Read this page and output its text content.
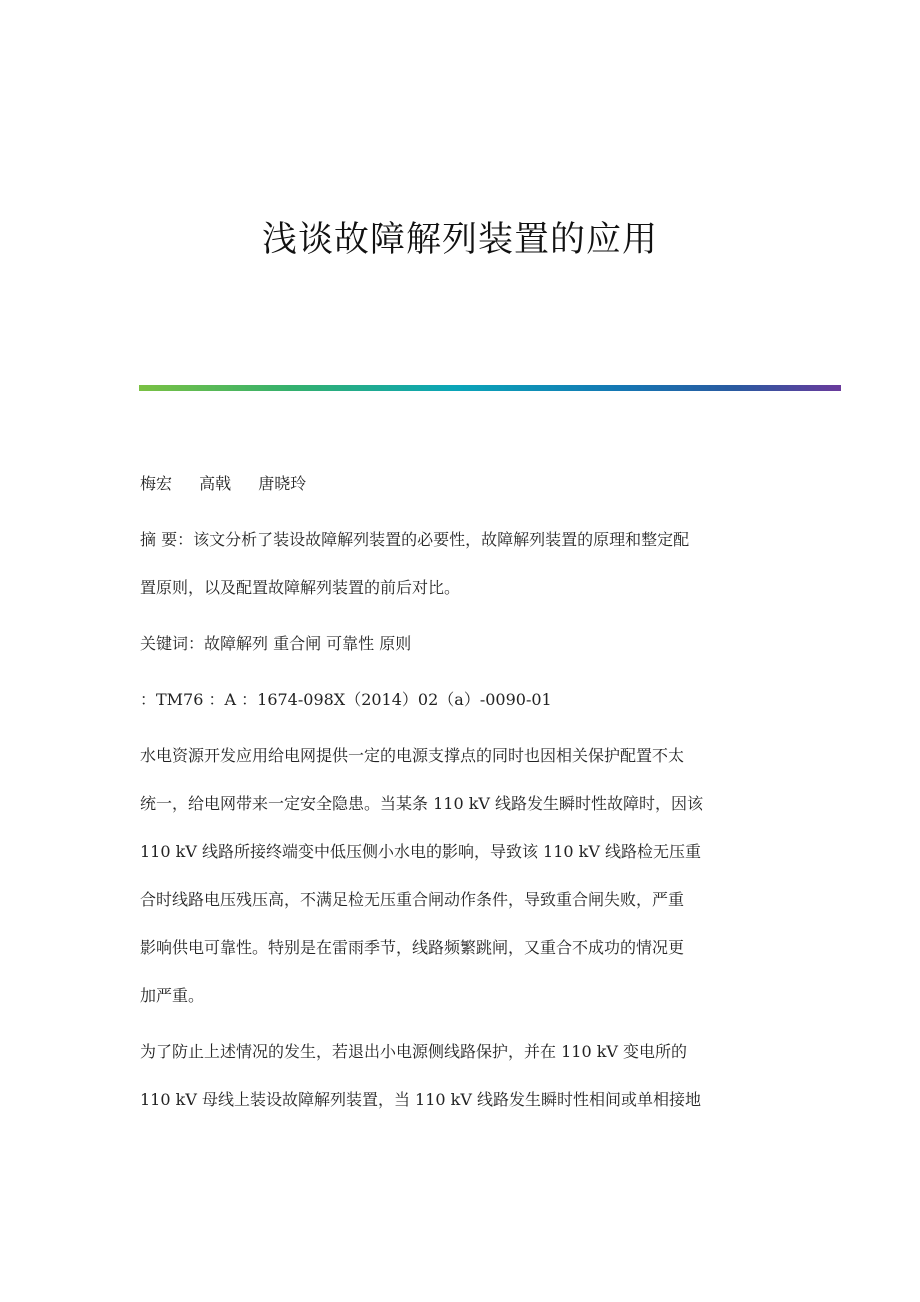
浅谈故障解列装置的应用
梅宏 高戟 唐晓玲
摘 要：该文分析了装设故障解列装置的必要性，故障解列装置的原理和整定配
置原则，以及配置故障解列装置的前后对比。
关键词：故障解列 重合闸 可靠性 原则
：TM76 ：A ：1674-098X（2014）02（a）-0090-01
水电资源开发应用给电网提供一定的电源支撑点的同时也因相关保护配置不太
统一，给电网带来一定安全隐患。当某条 110 kV 线路发生瞬时性故障时，因该
110 kV 线路所接终端变中低压侧小水电的影响，导致该 110 kV 线路检无压重
合时线路电压残压高，不满足检无压重合闸动作条件，导致重合闸失败，严重
影响供电可靠性。特别是在雷雨季节，线路频繁跳闸，又重合不成功的情况更
加严重。
为了防止上述情况的发生，若退出小电源侧线路保护，并在 110 kV 变电所的
110 kV 母线上装设故障解列装置，当 110 kV 线路发生瞬时性相间或单相接地
